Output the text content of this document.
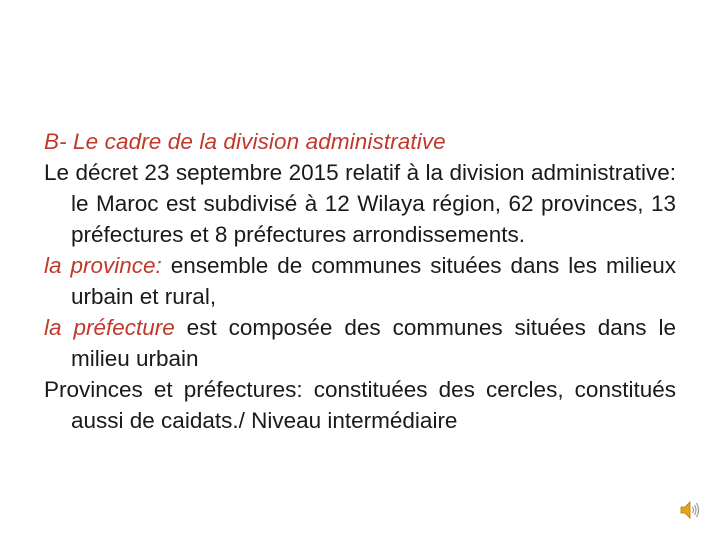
B- Le cadre de la division administrative

Le décret 23 septembre 2015 relatif à la division administrative: le Maroc est subdivisé à 12 Wilaya région, 62 provinces, 13 préfectures et 8 préfectures arrondissements.

la province: ensemble de communes situées dans les milieux urbain et rural,

la préfecture est composée des communes situées dans le milieu urbain

Provinces et préfectures: constituées des cercles, constitués aussi de caidats./ Niveau intermédiaire
